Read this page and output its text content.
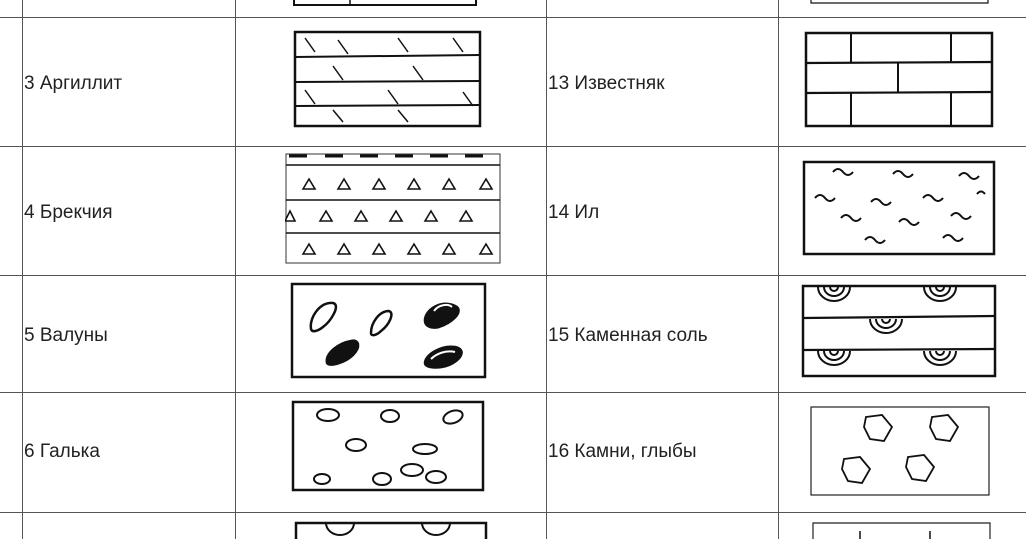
3 Аргиллит	13 Известняк
4 Брекчия	14 Ил
5 Валуны	15 Каменная соль
6 Галька	16 Камни, глыбы
